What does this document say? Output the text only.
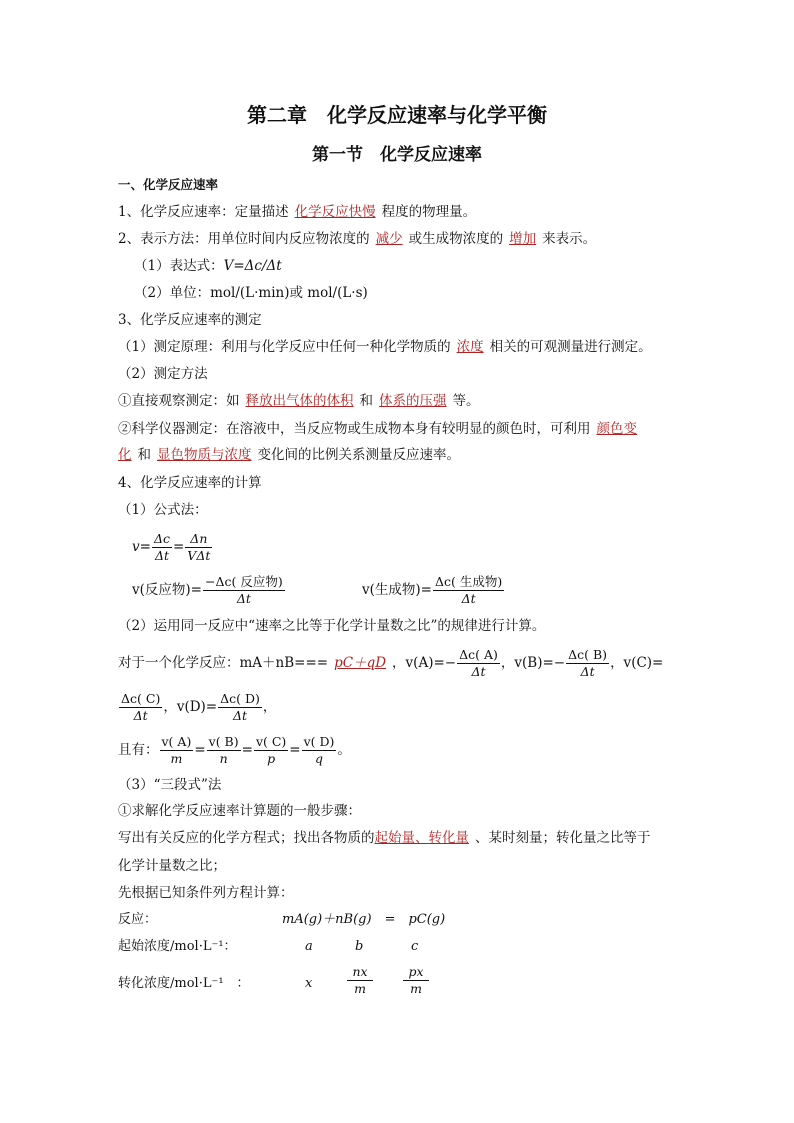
第二章　化学反应速率与化学平衡
第一节　化学反应速率
一、化学反应速率
1、化学反应速率：定量描述 化学反应快慢 程度的物理量。
2、表示方法：用单位时间内反应物浓度的 减少 或生成物浓度的 增加 来表示。
（1）表达式：V=Δc/Δt
（2）单位：mol/(L·min)或 mol/(L·s)
3、化学反应速率的测定
（1）测定原理：利用与化学反应中任何一种化学物质的 浓度 相关的可观测量进行测定。
（2）测定方法
①直接观察测定：如 释放出气体的体积 和 体系的压强 等。
②科学仪器测定：在溶液中，当反应物或生成物本身有较明显的颜色时，可利用 颜色变
化 和 显色物质与浓度 变化间的比例关系测量反应速率。
4、化学反应速率的计算
（1）公式法：
$v= \frac{\Delta c}{\Delta t} = \frac{\Delta n}{\text{VΔt}}$
v(反应物)= $\frac{\text{−Δc( 反应物)}}{\Delta t}$	v(生成物)= $\frac{\text{Δc( 生成物)}}{\Delta t}$
（2）运用同一反应中“速率之比等于化学计量数之比”的规律进行计算。
对于一个化学反应：mA＋nB=== pC＋qD ，$v(A)=- \frac{\Delta c( A)}{\Delta t}$ ，$v(B)=- \frac{\Delta c( B)}{\Delta t}$ ，v(C)=
$\frac{\Delta c( C)}{\Delta t}$ ，$v(D)= \frac{\Delta c( D)}{\Delta t}$ ，
且有： $\frac{v( A)}{m} = \frac{v( B)}{n} = \frac{v( C)}{p} = \frac{v( D)}{q}$ 。
（3）“三段式”法
①求解化学反应速率计算题的一般步骤：
写出有关反应的化学方程式；找出各物质的起始量、转化量 、某时刻量；转化量之比等于
化学计量数之比；
先根据已知条件列方程计算：
反应：	mA(g)＋nB(g)　=　pC(g)
起始浓度/mol·L⁻¹：	a	b	c
转化浓度/mol·L⁻¹　：	x	$\frac{nx}{m} \frac{px}{m}$
